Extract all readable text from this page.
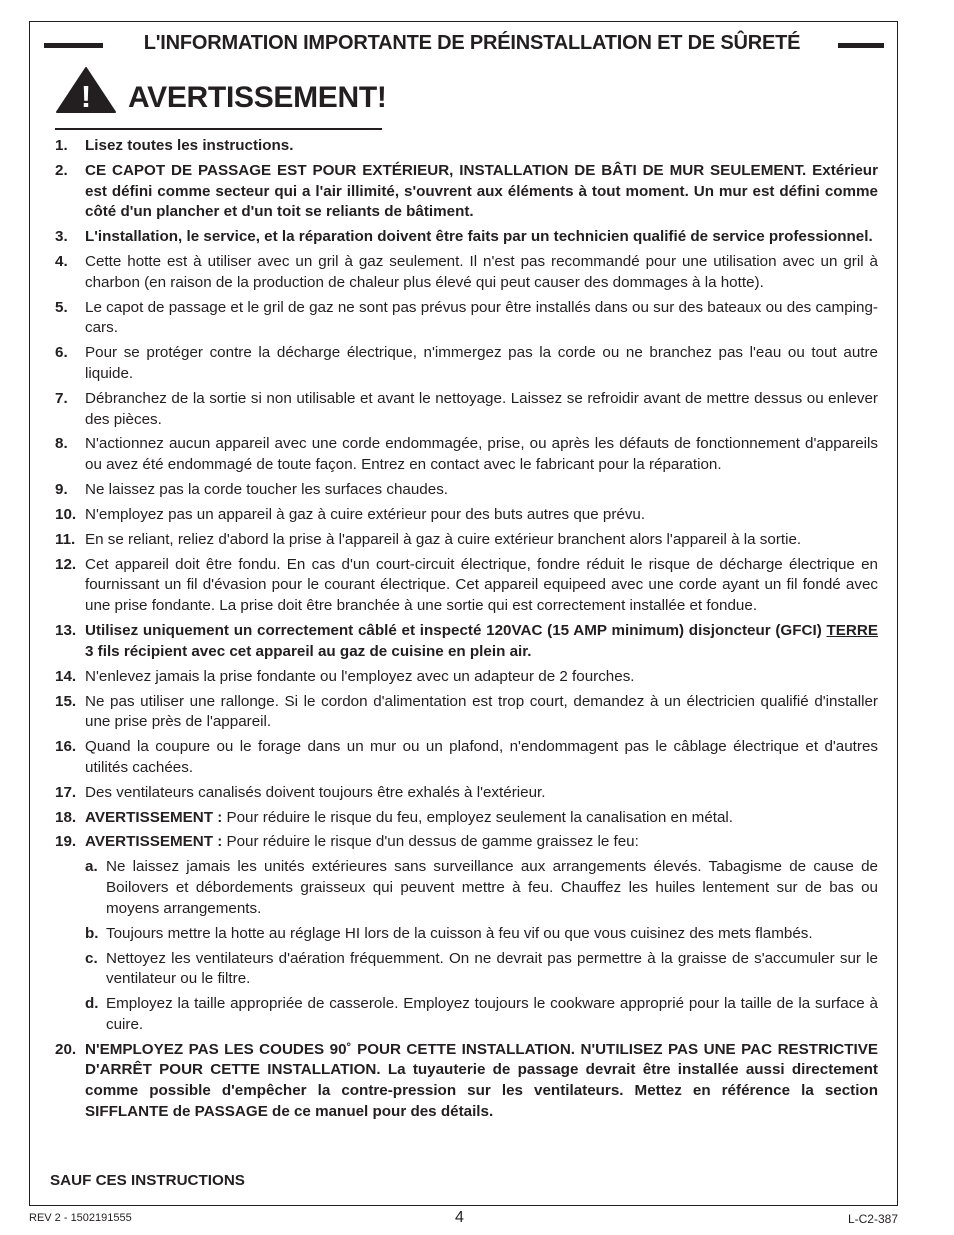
L'INFORMATION IMPORTANTE DE PRÉINSTALLATION ET DE SÛRETÉ
! AVERTISSEMENT!
1. Lisez toutes les instructions.
2. CE CAPOT DE PASSAGE EST POUR EXTÉRIEUR, INSTALLATION DE BÂTI DE MUR SEULEMENT. Extérieur est défini comme secteur qui a l'air illimité, s'ouvrent aux éléments à tout moment. Un mur est défini comme côté d'un plancher et d'un toit se reliants de bâtiment.
3. L'installation, le service, et la réparation doivent être faits par un technicien qualifié de service professionnel.
4. Cette hotte est à utiliser avec un gril à gaz seulement. Il n'est pas recommandé pour une utilisation avec un gril à charbon (en raison de la production de chaleur plus élevé qui peut causer des dommages à la hotte).
5. Le capot de passage et le gril de gaz ne sont pas prévus pour être installés dans ou sur des bateaux ou des camping-cars.
6. Pour se protéger contre la décharge électrique, n'immergez pas la corde ou ne branchez pas l'eau ou tout autre liquide.
7. Débranchez de la sortie si non utilisable et avant le nettoyage. Laissez se refroidir avant de mettre dessus ou enlever des pièces.
8. N'actionnez aucun appareil avec une corde endommagée, prise, ou après les défauts de fonctionnement d'appareils ou avez été endommagé de toute façon. Entrez en contact avec le fabricant pour la réparation.
9. Ne laissez pas la corde toucher les surfaces chaudes.
10. N'employez pas un appareil à gaz à cuire extérieur pour des buts autres que prévu.
11. En se reliant, reliez d'abord la prise à l'appareil à gaz à cuire extérieur branchent alors l'appareil à la sortie.
12. Cet appareil doit être fondu. En cas d'un court-circuit électrique, fondre réduit le risque de décharge électrique en fournissant un fil d'évasion pour le courant électrique. Cet appareil equipeed avec une corde ayant un fil fondé avec une prise fondante. La prise doit être branchée à une sortie qui est correctement installée et fondue.
13. Utilisez uniquement un correctement câblé et inspecté 120VAC (15 AMP minimum) disjoncteur (GFCI) TERRE 3 fils récipient avec cet appareil au gaz de cuisine en plein air.
14. N'enlevez jamais la prise fondante ou l'employez avec un adapteur de 2 fourches.
15. Ne pas utiliser une rallonge. Si le cordon d'alimentation est trop court, demandez à un électricien qualifié d'installer une prise près de l'appareil.
16. Quand la coupure ou le forage dans un mur ou un plafond, n'endommagent pas le câblage électrique et d'autres utilités cachées.
17. Des ventilateurs canalisés doivent toujours être exhalés à l'extérieur.
18. AVERTISSEMENT : Pour réduire le risque du feu, employez seulement la canalisation en métal.
19. AVERTISSEMENT : Pour réduire le risque d'un dessus de gamme graissez le feu:
a. Ne laissez jamais les unités extérieures sans surveillance aux arrangements élevés. Tabagisme de cause de Boilovers et débordements graisseux qui peuvent mettre à feu. Chauffez les huiles lentement sur de bas ou moyens arrangements.
b. Toujours mettre la hotte au réglage HI lors de la cuisson à feu vif ou que vous cuisinez des mets flambés.
c. Nettoyez les ventilateurs d'aération fréquemment. On ne devrait pas permettre à la graisse de s'accumuler sur le ventilateur ou le filtre.
d. Employez la taille appropriée de casserole. Employez toujours le cookware approprié pour la taille de la surface à cuire.
20. N'EMPLOYEZ PAS LES COUDES 90˚ POUR CETTE INSTALLATION. N'UTILISEZ PAS UNE PAC RESTRICTIVE D'ARRÊT POUR CETTE INSTALLATION. La tuyauterie de passage devrait être installée aussi directement comme possible d'empêcher la contre-pression sur les ventilateurs. Mettez en référence la section SIFFLANTE de PASSAGE de ce manuel pour des détails.
SAUF CES INSTRUCTIONS
REV 2 - 1502191555	4	L-C2-387
